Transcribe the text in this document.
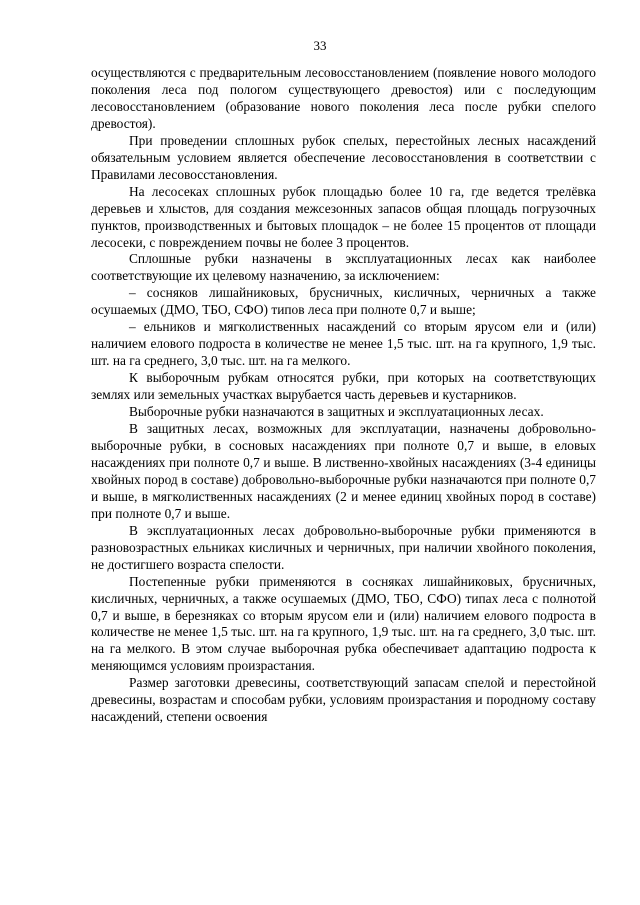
33

осуществляются с предварительным лесовосстановлением (появление нового молодого поколения леса под пологом существующего древостоя) или с последующим лесовосстановлением (образование нового поколения леса после рубки спелого древостоя).

При проведении сплошных рубок спелых, перестойных лесных насаждений обязательным условием является обеспечение лесовосстановления в соответствии с Правилами лесовосстановления.

На лесосеках сплошных рубок площадью более 10 га, где ведется трелёвка деревьев и хлыстов, для создания межсезонных запасов общая площадь погрузочных пунктов, производственных и бытовых площадок – не более 15 процентов от площади лесосеки, с повреждением почвы не более 3 процентов.

Сплошные рубки назначены в эксплуатационных лесах как наиболее соответствующие их целевому назначению, за исключением:

– сосняков лишайниковых, брусничных, кисличных, черничных а также осушаемых (ДМО, ТБО, СФО) типов леса при полноте 0,7 и выше;

– ельников и мягколиственных насаждений со вторым ярусом ели и (или) наличием елового подроста в количестве не менее 1,5 тыс. шт. на га крупного, 1,9 тыс. шт. на га среднего, 3,0 тыс. шт. на га мелкого.

К выборочным рубкам относятся рубки, при которых на соответствующих землях или земельных участках вырубается часть деревьев и кустарников.

Выборочные рубки назначаются в защитных и эксплуатационных лесах.

В защитных лесах, возможных для эксплуатации, назначены добровольно-выборочные рубки, в сосновых насаждениях при полноте 0,7 и выше, в еловых насаждениях при полноте 0,7 и выше. В лиственно-хвойных насаждениях (3-4 единицы хвойных пород в составе) добровольно-выборочные рубки назначаются при полноте 0,7 и выше, в мягколиственных насаждениях (2 и менее единиц хвойных пород в составе) при полноте 0,7 и выше.

В эксплуатационных лесах добровольно-выборочные рубки применяются в разновозрастных ельниках кисличных и черничных, при наличии хвойного поколения, не достигшего возраста спелости.

Постепенные рубки применяются в сосняках лишайниковых, брусничных, кисличных, черничных, а также осушаемых (ДМО, ТБО, СФО) типах леса с полнотой 0,7 и выше, в березняках со вторым ярусом ели и (или) наличием елового подроста в количестве не менее 1,5 тыс. шт. на га крупного, 1,9 тыс. шт. на га среднего, 3,0 тыс. шт. на га мелкого. В этом случае выборочная рубка обеспечивает адаптацию подроста к меняющимся условиям произрастания.

Размер заготовки древесины, соответствующий запасам спелой и перестойной древесины, возрастам и способам рубки, условиям произрастания и породному составу насаждений, степени освоения
